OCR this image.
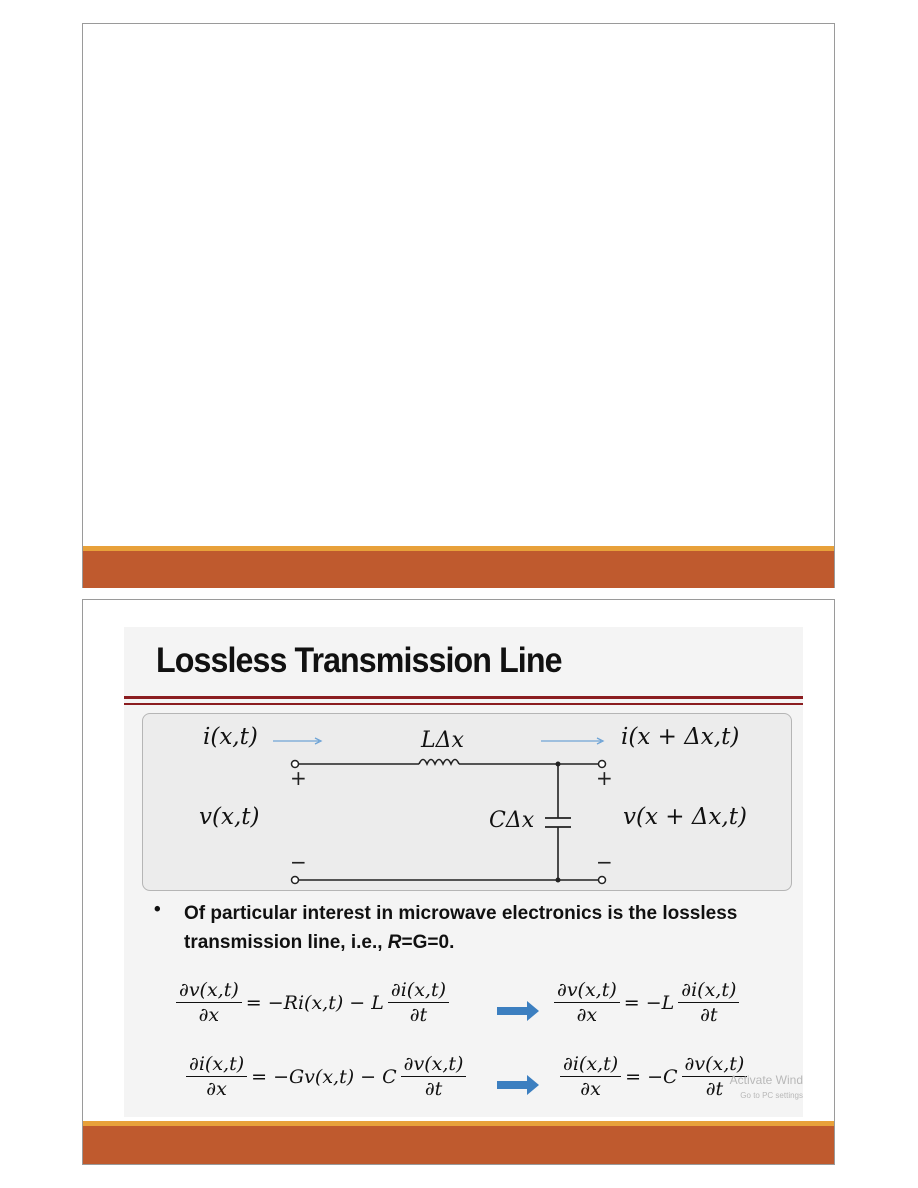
Lossless Transmission Line
i(x,t)	LΔx	i(x + Δx,t)
+	+
v(x,t)	CΔx	v(x + Δx,t)
−	−
• Of particular interest in microwave electronics is the lossless
transmission line, i.e., R=G=0.
$\frac{\partial v(x,t)}{\partial x} = -Ri(x,t) - L \frac{\partial i(x,t)}{\partial t}$	$\frac{\partial v(x,t)}{\partial x} = -L \frac{\partial i(x,t)}{\partial t}$
$\frac{\partial i(x,t)}{\partial x} = -Gv(x,t) - C \frac{\partial v(x,t)}{\partial t}$	$\frac{\partial i(x,t)}{\partial x} = -C \frac{\partial v(x,t)}{\partial t}$
Activate Wind
Go to PC settings
